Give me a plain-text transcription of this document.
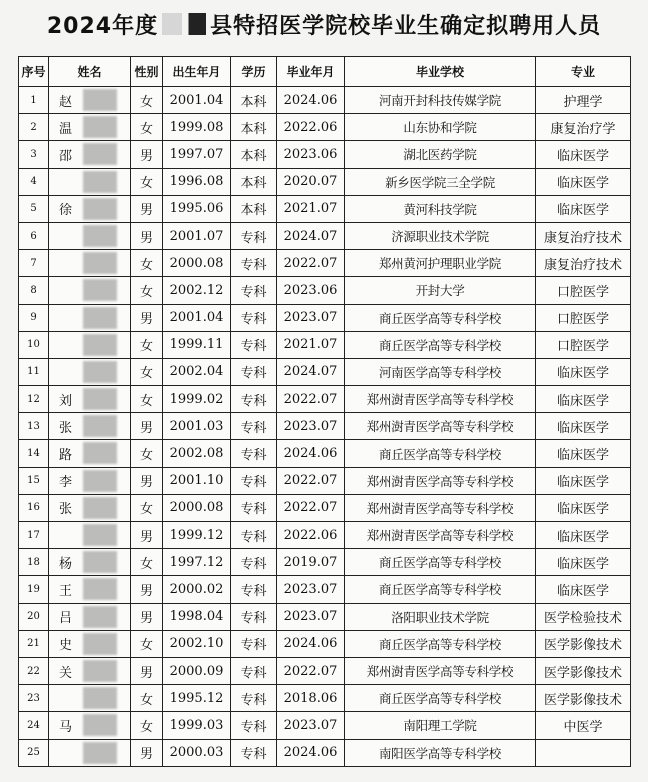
2024年度 县特招医学院校毕业生确定拟聘用人员
序号	姓名	性别	出生年月	学历	毕业年月	毕业学校	专业
1	赵	女	2001.04	本科	2024.06	河南开封科技传媒学院	护理学
2	温	女	1999.08	本科	2022.06	山东协和学院	康复治疗学
3	邵	男	1997.07	本科	2023.06	湖北医药学院	临床医学
4		女	1996.08	本科	2020.07	新乡医学院三全学院	临床医学
5	徐	男	1995.06	本科	2021.07	黄河科技学院	临床医学
6		男	2001.07	专科	2024.07	济源职业技术学院	康复治疗技术
7		女	2000.08	专科	2022.07	郑州黄河护理职业学院	康复治疗技术
8		女	2002.12	专科	2023.06	开封大学	口腔医学
9		男	2001.04	专科	2023.07	商丘医学高等专科学校	口腔医学
10		女	1999.11	专科	2021.07	商丘医学高等专科学校	口腔医学
11		女	2002.04	专科	2024.07	河南医学高等专科学校	临床医学
12	刘	女	1999.02	专科	2022.07	郑州澍青医学高等专科学校	临床医学
13	张	男	2001.03	专科	2023.07	郑州澍青医学高等专科学校	临床医学
14	路	女	2002.08	专科	2024.06	商丘医学高等专科学校	临床医学
15	李	男	2001.10	专科	2022.07	郑州澍青医学高等专科学校	临床医学
16	张	女	2000.08	专科	2022.07	郑州澍青医学高等专科学校	临床医学
17		男	1999.12	专科	2022.06	郑州澍青医学高等专科学校	临床医学
18	杨	女	1997.12	专科	2019.07	商丘医学高等专科学校	临床医学
19	王	男	2000.02	专科	2023.07	商丘医学高等专科学校	临床医学
20	吕	男	1998.04	专科	2023.07	洛阳职业技术学院	医学检验技术
21	史	女	2002.10	专科	2024.06	商丘医学高等专科学校	医学影像技术
22	关	男	2000.09	专科	2022.07	郑州澍青医学高等专科学校	医学影像技术
23		女	1995.12	专科	2018.06	商丘医学高等专科学校	医学影像技术
24	马	女	1999.03	专科	2023.07	南阳理工学院	中医学
25		男	2000.03	专科	2024.06	南阳医学高等专科学校	
